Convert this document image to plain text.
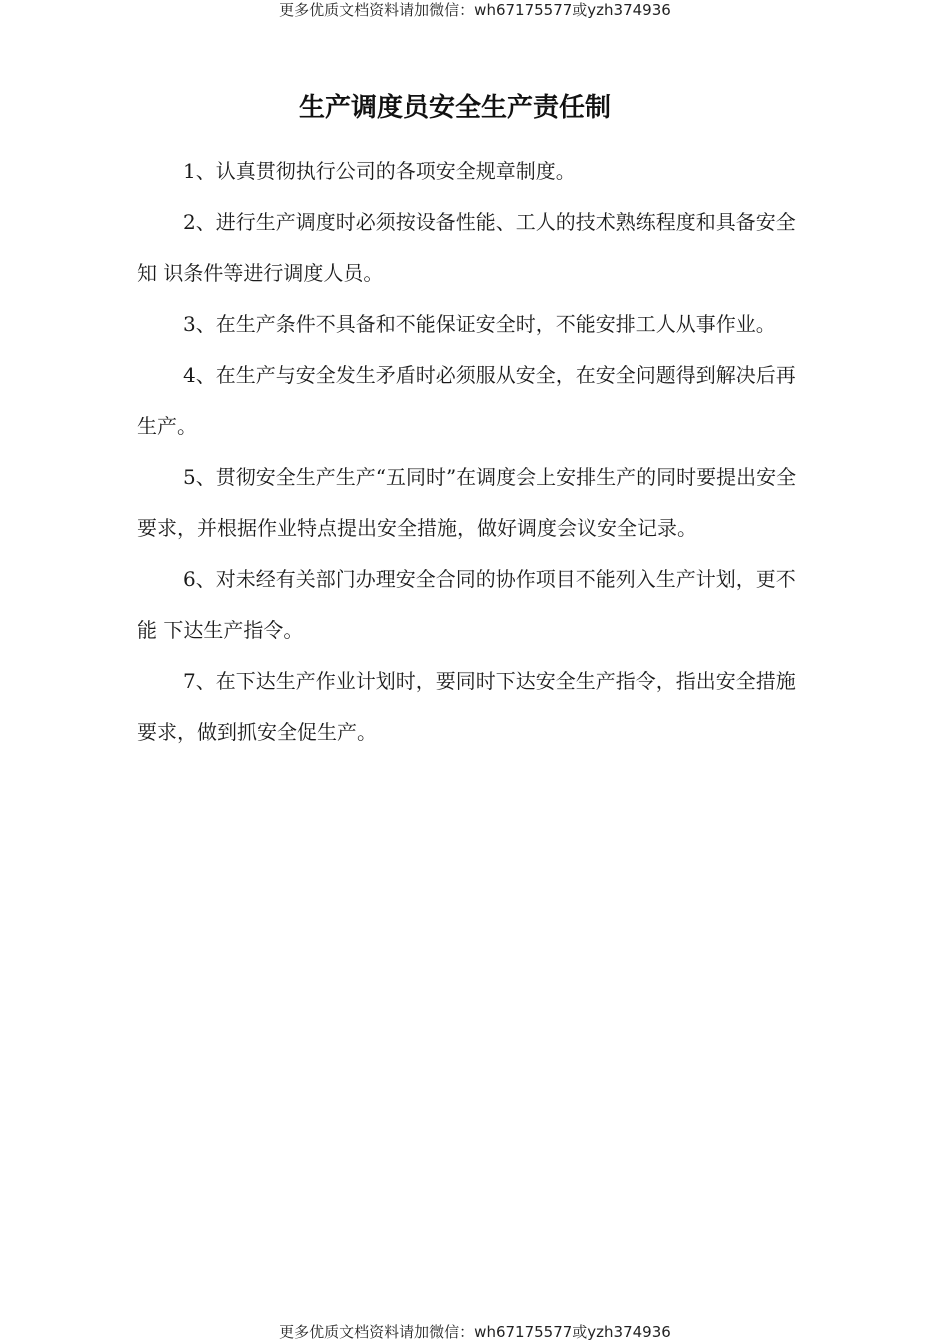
更多优质文档资料请加微信：wh67175577或yzh374936
生产调度员安全生产责任制

1、认真贯彻执行公司的各项安全规章制度。

2、进行生产调度时必须按设备性能、工人的技术熟练程度和具备安全知 识条件等进行调度人员。

3、在生产条件不具备和不能保证安全时，不能安排工人从事作业。

4、在生产与安全发生矛盾时必须服从安全，在安全问题得到解决后再生产。

5、贯彻安全生产生产“五同时”在调度会上安排生产的同时要提出安全 要求，并根据作业特点提出安全措施，做好调度会议安全记录。

6、对未经有关部门办理安全合同的协作项目不能列入生产计划，更不能 下达生产指令。

7、在下达生产作业计划时，要同时下达安全生产指令，指出安全措施要求，做到抓安全促生产。

更多优质文档资料请加微信：wh67175577或yzh374936
